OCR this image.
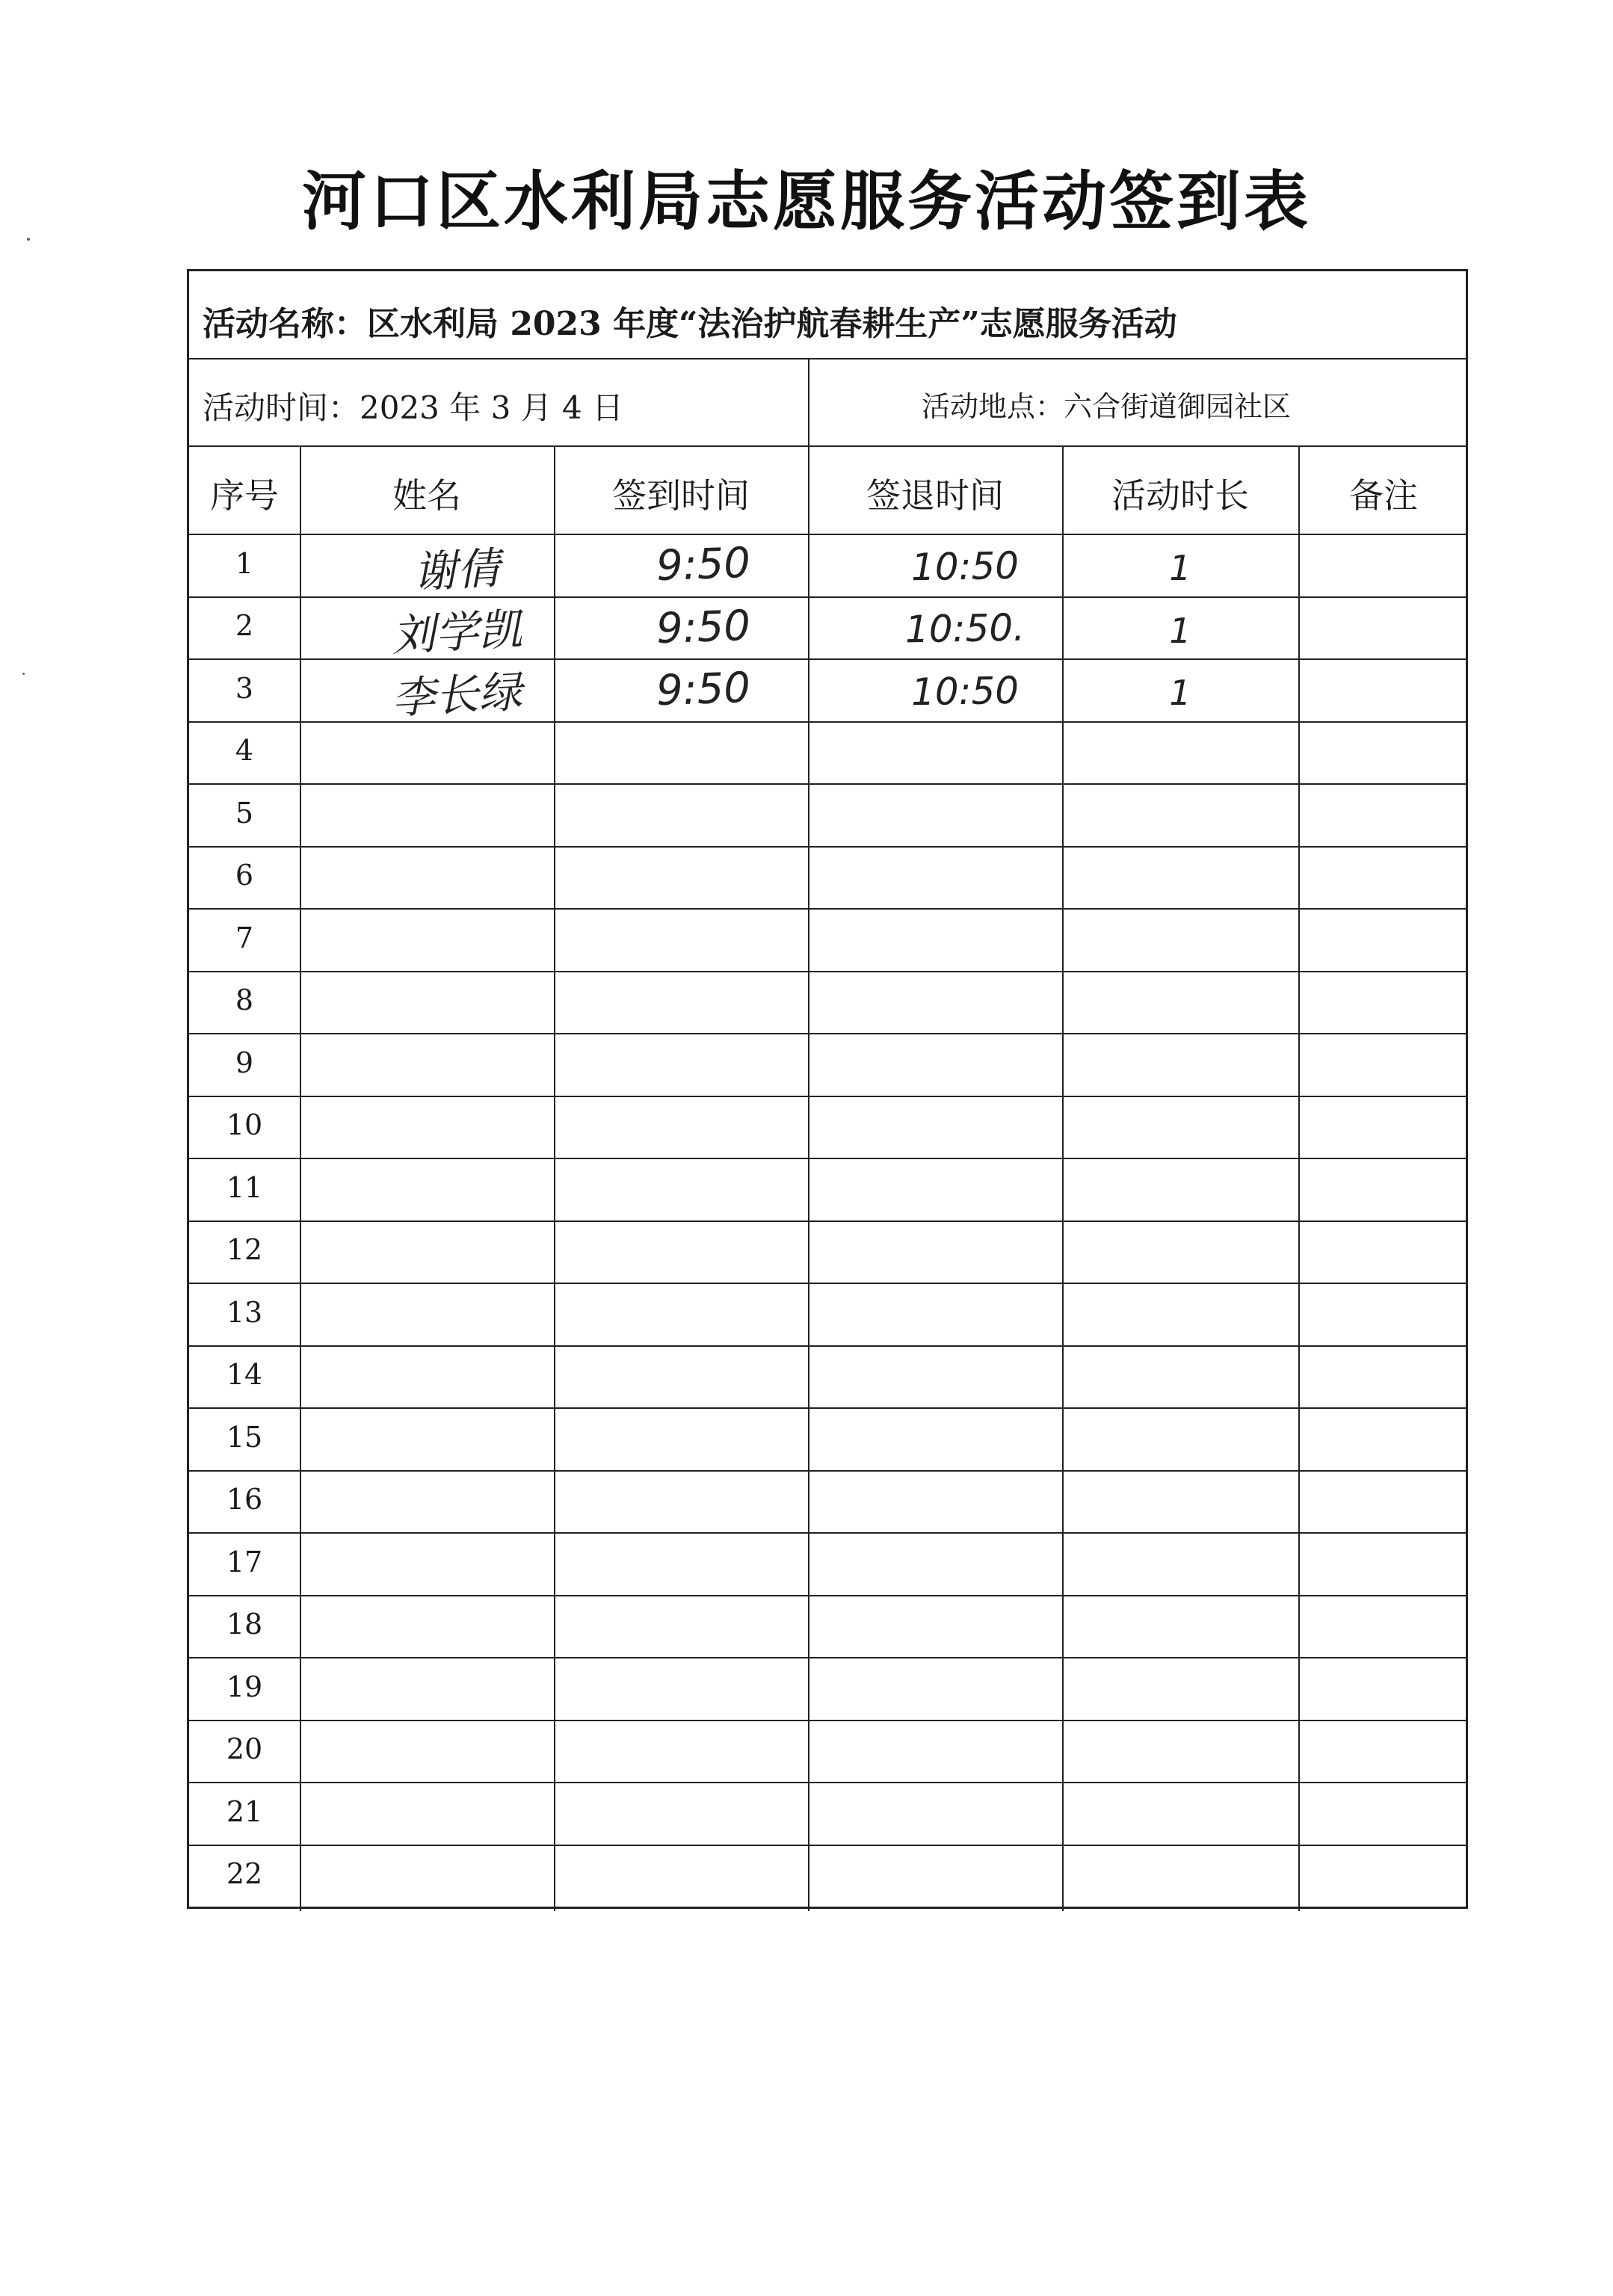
河口区水利局志愿服务活动签到表
活动名称：区水利局 2023 年度“法治护航春耕生产”志愿服务活动
活动时间：2023 年 3 月 4 日	活动地点：六合街道御园社区
序号	姓名	签到时间	签退时间	活动时长	备注
1	谢倩	9:50	10:50	1
2	刘学凯	9:50	10:50.	1
3	李长绿	9:50	10:50	1
4
5
6
7
8
9
10
11
12
13
14
15
16
17
18
19
20
21
22
